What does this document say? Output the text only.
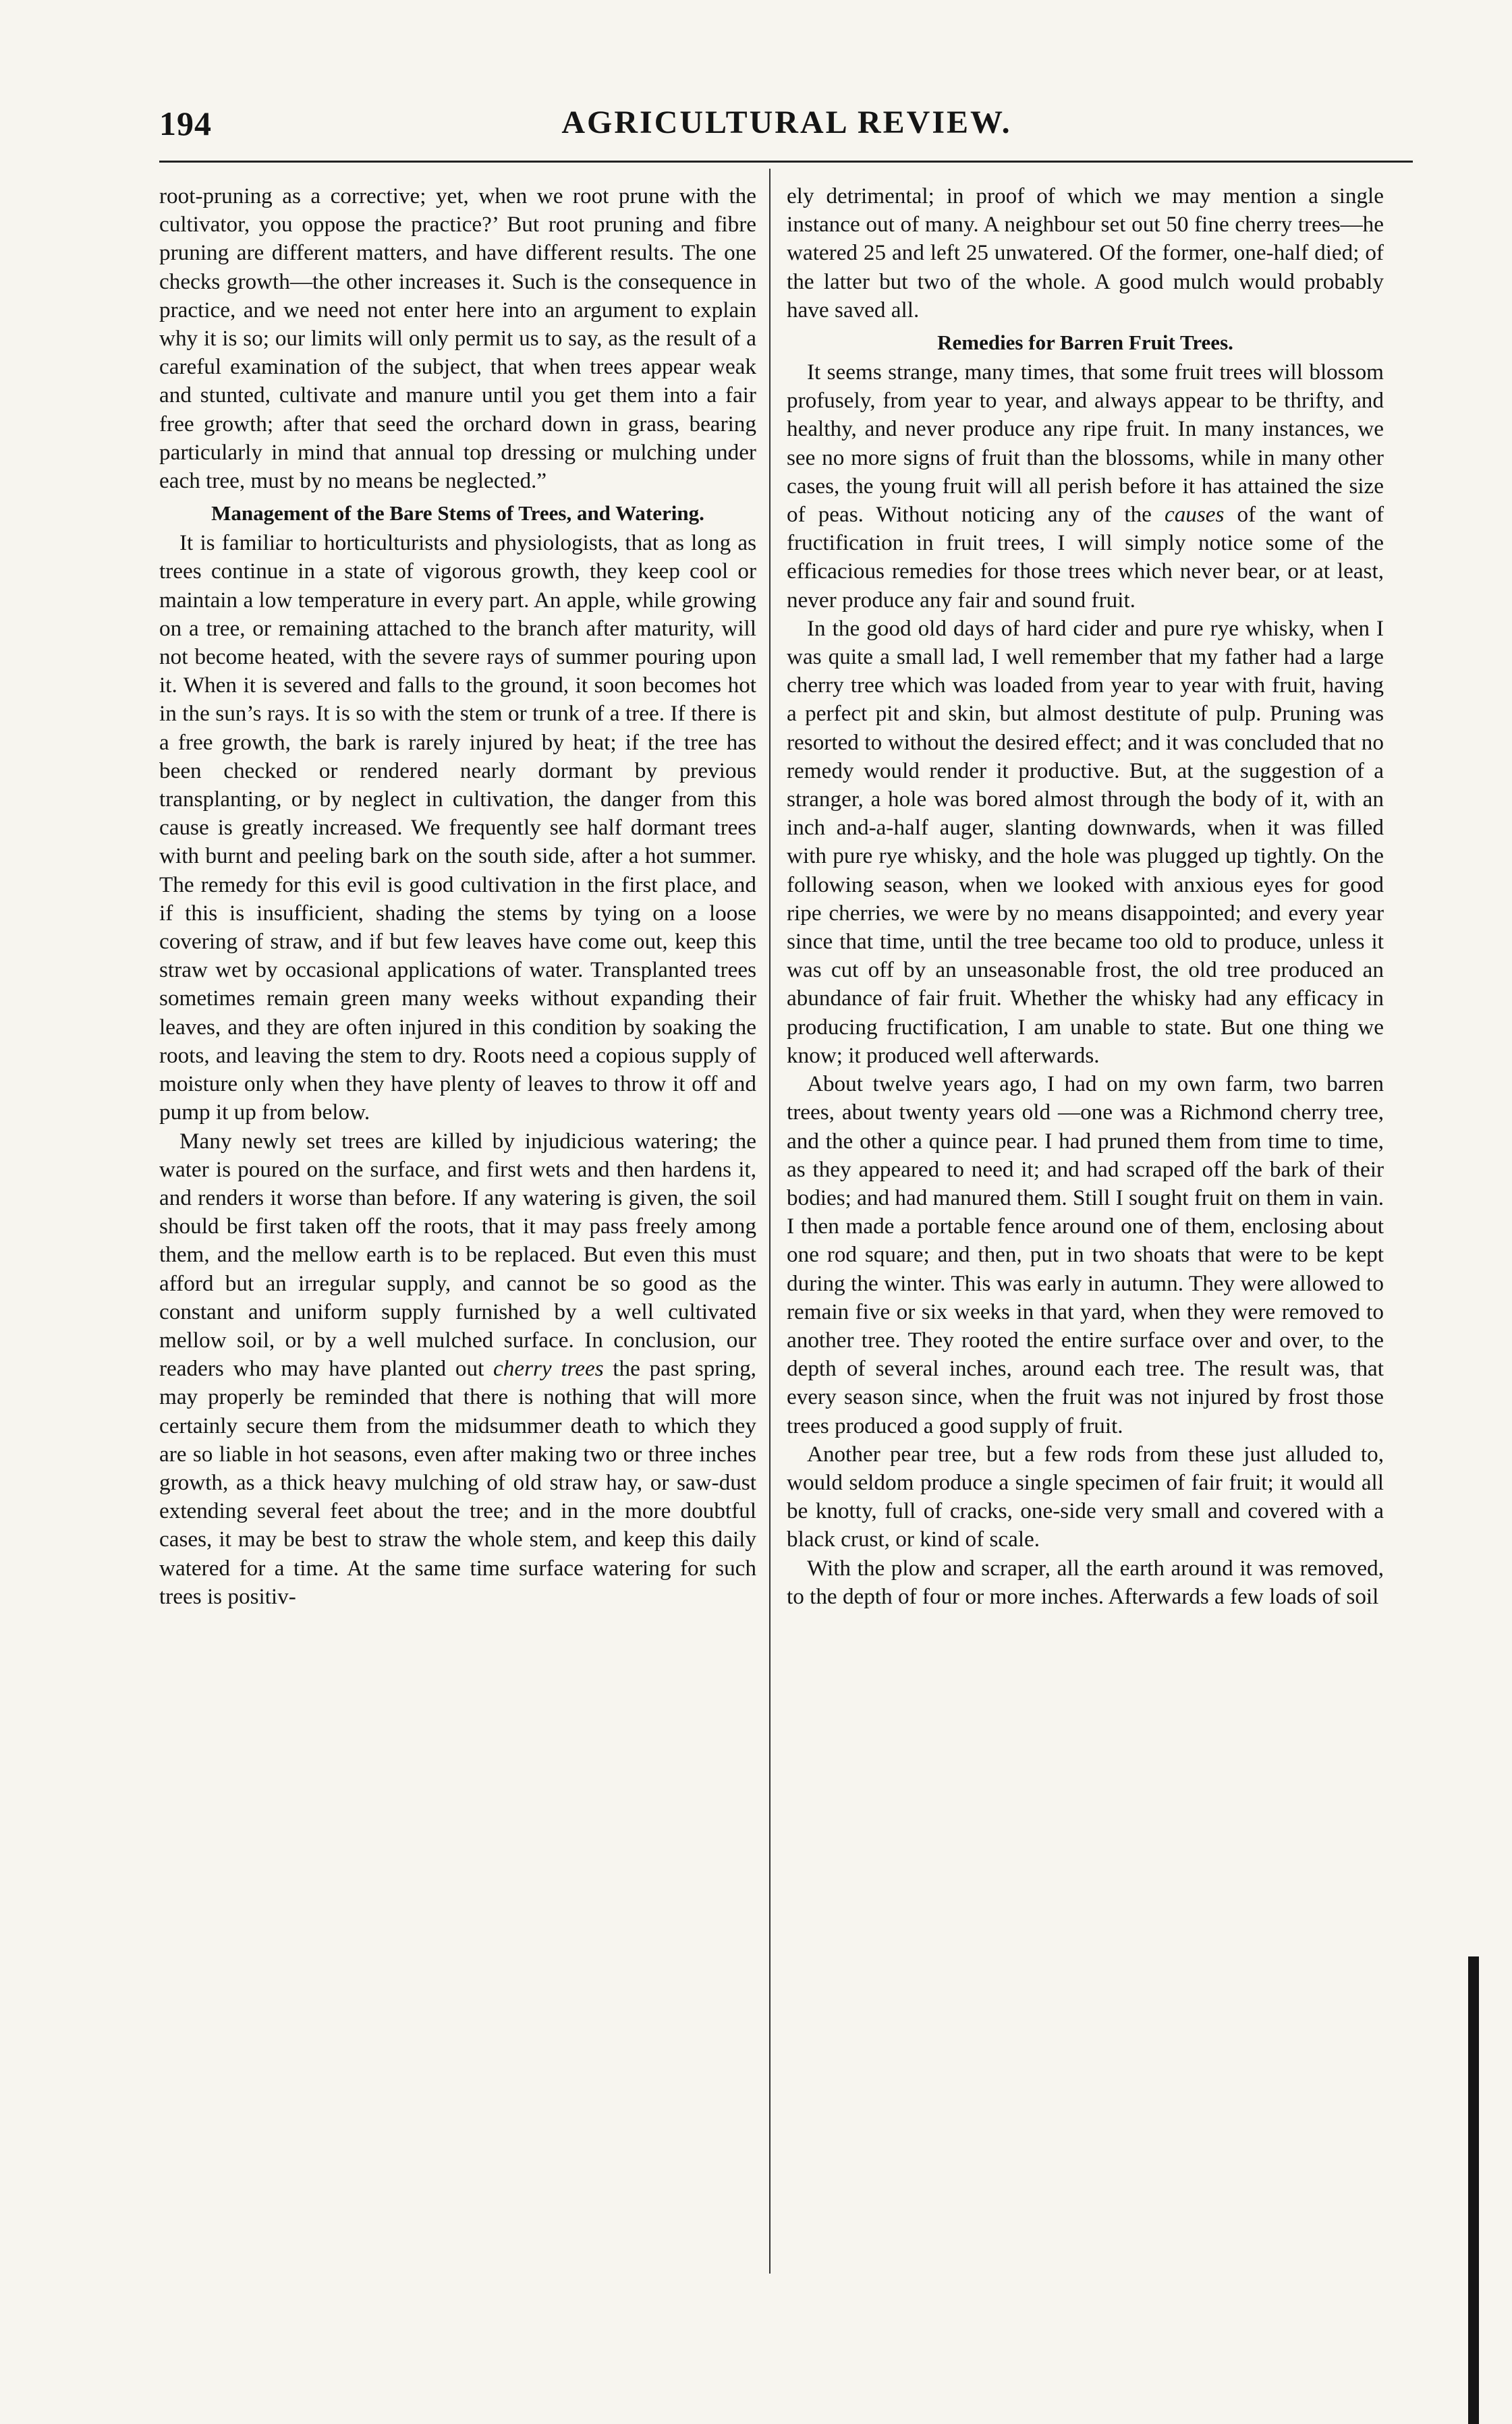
194	AGRICULTURAL REVIEW.

root-pruning as a corrective; yet, when we root prune with the cultivator, you oppose the practice?’ But root pruning and fibre pruning are different matters, and have different results. The one checks growth—the other increases it. Such is the consequence in practice, and we need not enter here into an argument to explain why it is so; our limits will only permit us to say, as the result of a careful examination of the subject, that when trees appear weak and stunted, cultivate and manure until you get them into a fair free growth; after that seed the orchard down in grass, bearing particularly in mind that annual top dressing or mulching under each tree, must by no means be neglected.”

Management of the Bare Stems of Trees, and Watering.

It is familiar to horticulturists and physiologists, that as long as trees continue in a state of vigorous growth, they keep cool or maintain a low temperature in every part. An apple, while growing on a tree, or remaining attached to the branch after maturity, will not become heated, with the severe rays of summer pouring upon it. When it is severed and falls to the ground, it soon becomes hot in the sun’s rays. It is so with the stem or trunk of a tree. If there is a free growth, the bark is rarely injured by heat; if the tree has been checked or rendered nearly dormant by previous transplanting, or by neglect in cultivation, the danger from this cause is greatly increased. We frequently see half dormant trees with burnt and peeling bark on the south side, after a hot summer. The remedy for this evil is good cultivation in the first place, and if this is insufficient, shading the stems by tying on a loose covering of straw, and if but few leaves have come out, keep this straw wet by occasional applications of water. Transplanted trees sometimes remain green many weeks without expanding their leaves, and they are often injured in this condition by soaking the roots, and leaving the stem to dry. Roots need a copious supply of moisture only when they have plenty of leaves to throw it off and pump it up from below.

Many newly set trees are killed by injudicious watering; the water is poured on the surface, and first wets and then hardens it, and renders it worse than before. If any watering is given, the soil should be first taken off the roots, that it may pass freely among them, and the mellow earth is to be replaced. But even this must afford but an irregular supply, and cannot be so good as the constant and uniform supply furnished by a well cultivated mellow soil, or by a well mulched surface. In conclusion, our readers who may have planted out cherry trees the past spring, may properly be reminded that there is nothing that will more certainly secure them from the midsummer death to which they are so liable in hot seasons, even after making two or three inches growth, as a thick heavy mulching of old straw hay, or saw-dust extending several feet about the tree; and in the more doubtful cases, it may be best to straw the whole stem, and keep this daily watered for a time. At the same time surface watering for such trees is positiv-

ely detrimental; in proof of which we may mention a single instance out of many. A neighbour set out 50 fine cherry trees—he watered 25 and left 25 unwatered. Of the former, one-half died; of the latter but two of the whole. A good mulch would probably have saved all.

Remedies for Barren Fruit Trees.

It seems strange, many times, that some fruit trees will blossom profusely, from year to year, and always appear to be thrifty, and healthy, and never produce any ripe fruit. In many instances, we see no more signs of fruit than the blossoms, while in many other cases, the young fruit will all perish before it has attained the size of peas. Without noticing any of the causes of the want of fructification in fruit trees, I will simply notice some of the efficacious remedies for those trees which never bear, or at least, never produce any fair and sound fruit.

In the good old days of hard cider and pure rye whisky, when I was quite a small lad, I well remember that my father had a large cherry tree which was loaded from year to year with fruit, having a perfect pit and skin, but almost destitute of pulp. Pruning was resorted to without the desired effect; and it was concluded that no remedy would render it productive. But, at the suggestion of a stranger, a hole was bored almost through the body of it, with an inch and-a-half auger, slanting downwards, when it was filled with pure rye whisky, and the hole was plugged up tightly. On the following season, when we looked with anxious eyes for good ripe cherries, we were by no means disappointed; and every year since that time, until the tree became too old to produce, unless it was cut off by an unseasonable frost, the old tree produced an abundance of fair fruit. Whether the whisky had any efficacy in producing fructification, I am unable to state. But one thing we know; it produced well afterwards.

About twelve years ago, I had on my own farm, two barren trees, about twenty years old —one was a Richmond cherry tree, and the other a quince pear. I had pruned them from time to time, as they appeared to need it; and had scraped off the bark of their bodies; and had manured them. Still I sought fruit on them in vain. I then made a portable fence around one of them, enclosing about one rod square; and then, put in two shoats that were to be kept during the winter. This was early in autumn. They were allowed to remain five or six weeks in that yard, when they were removed to another tree. They rooted the entire surface over and over, to the depth of several inches, around each tree. The result was, that every season since, when the fruit was not injured by frost those trees produced a good supply of fruit.

Another pear tree, but a few rods from these just alluded to, would seldom produce a single specimen of fair fruit; it would all be knotty, full of cracks, one-side very small and covered with a black crust, or kind of scale.

With the plow and scraper, all the earth around it was removed, to the depth of four or more inches. Afterwards a few loads of soil
